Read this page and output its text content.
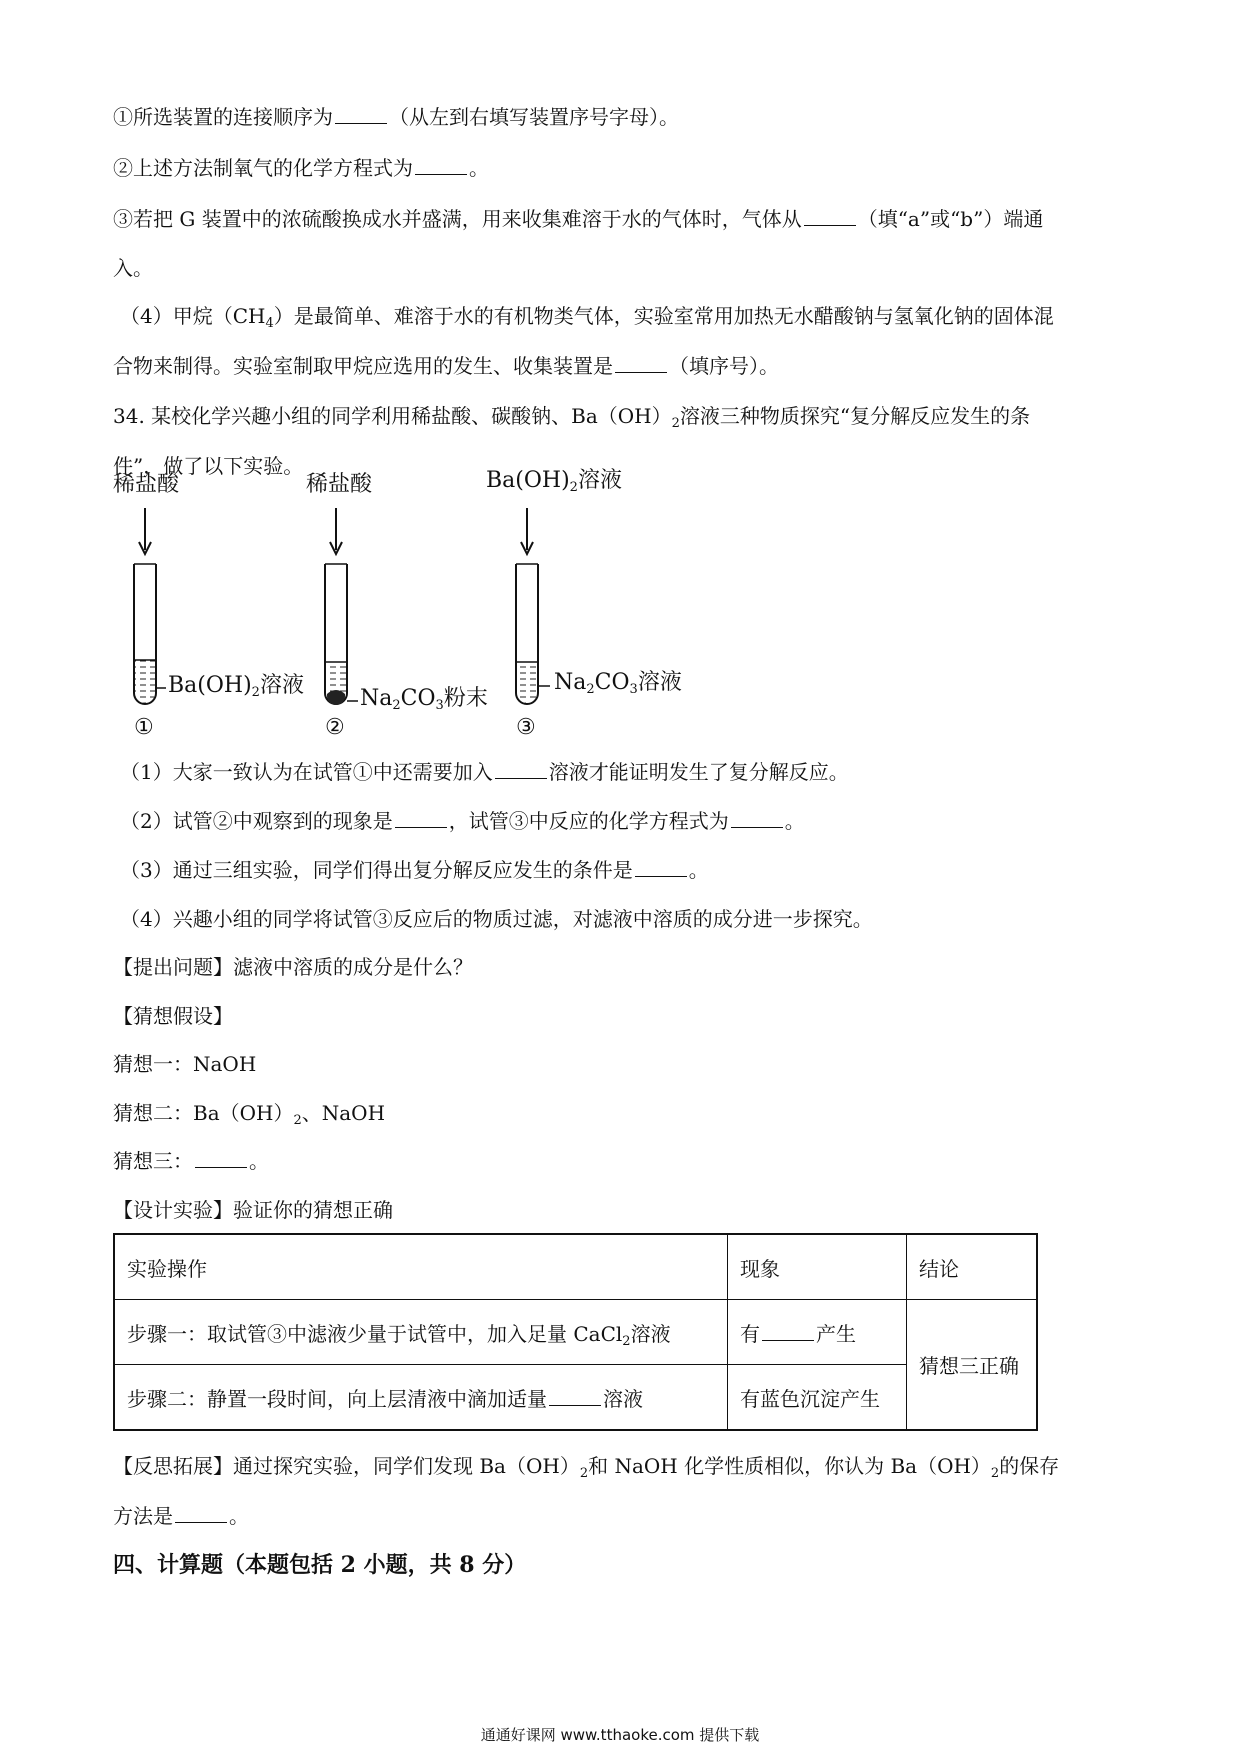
①所选装置的连接顺序为	（从左到右填写装置序号字母）。
②上述方法制氧气的化学方程式为	。
③若把 G 装置中的浓硫酸换成水并盛满，用来收集难溶于水的气体时，气体从	（填“a”或“b”）端通
入。
（4）甲烷$(CH_4)$是最简单、难溶于水的有机物类气体，实验室常用加热无水醋酸钠与氢氧化钠的固体混
合物来制得。实验室制取甲烷应选用的发生、收集装置是	（填序号）。
34. 某校化学兴趣小组的同学利用稀盐酸、碳酸钠、$Ba(OH)_2$溶液三种物质探究“复分解反应发生的条
件”，做了以下实验。
稀盐酸	稀盐酸	$Ba(OH)_2$溶液
$Ba(OH)_2$溶液
$Na_2CO_3$粉末
$Na_2CO_3$溶液
①	②	③
（1）大家一致认为在试管①中还需要加入	溶液才能证明发生了复分解反应。
（2）试管②中观察到的现象是	，试管③中反应的化学方程式为	。
（3）通过三组实验，同学们得出复分解反应发生的条件是	。
（4）兴趣小组的同学将试管③反应后的物质过滤，对滤液中溶质的成分进一步探究。
【提出问题】滤液中溶质的成分是什么？
【猜想假设】
猜想一：NaOH
猜想二：$Ba(OH)_2$、NaOH
猜想三：	。
【设计实验】验证你的猜想正确
实验操作	现象	结论
步骤一：取试管③中滤液少量于试管中，加入足量 CaCl$_2$溶液	有 产生	猜想三正确
步骤二：静置一段时间，向上层清液中滴加适量 溶液	有蓝色沉淀产生	
【反思拓展】通过探究实验，同学们发现 $Ba(OH)_2$和 NaOH 化学性质相似，你认为 $Ba(OH)_2$的保存
方法是	。
四、计算题（本题包括 2 小题，共 8 分）
通通好课网 www.tthaoke.com 提供下载
